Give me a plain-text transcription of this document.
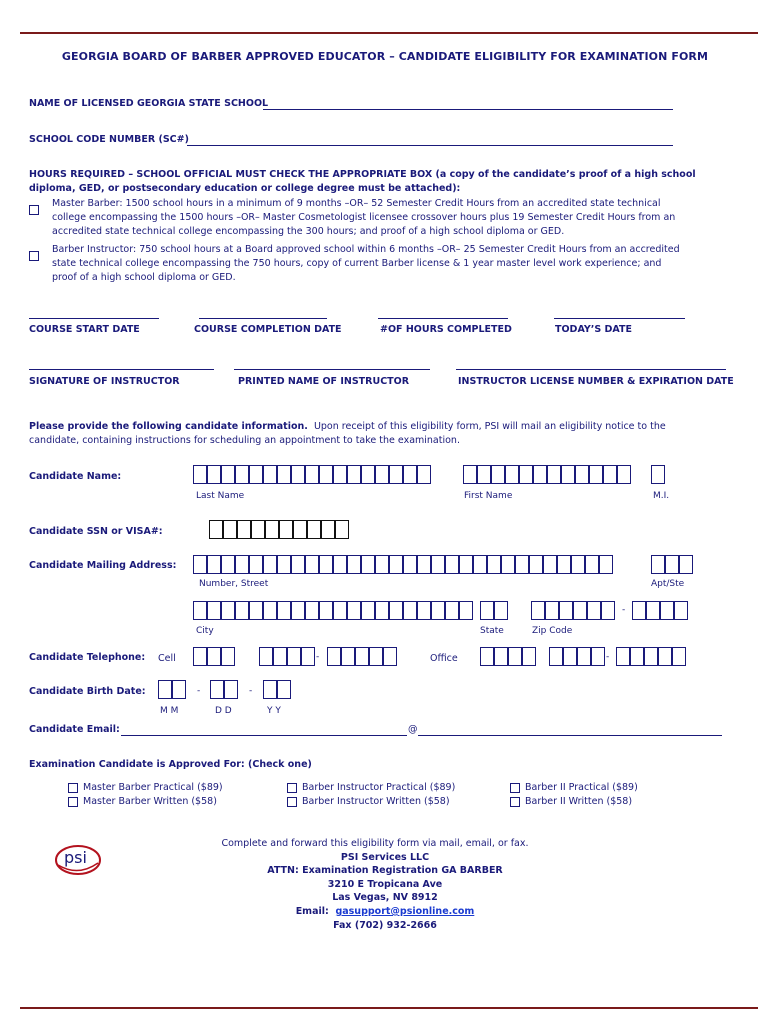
GEORGIA BOARD OF BARBER APPROVED EDUCATOR – CANDIDATE ELIGIBILITY FOR EXAMINATION FORM
NAME OF LICENSED GEORGIA STATE SCHOOL
SCHOOL CODE NUMBER (SC#)
HOURS REQUIRED – SCHOOL OFFICIAL MUST CHECK THE APPROPRIATE BOX (a copy of the candidate’s proof of a high school
diploma, GED, or postsecondary education or college degree must be attached):
Master Barber: 1500 school hours in a minimum of 9 months –OR– 52 Semester Credit Hours from an accredited state technical
college encompassing the 1500 hours –OR– Master Cosmetologist licensee crossover hours plus 19 Semester Credit Hours from an
accredited state technical college encompassing the 300 hours; and proof of a high school diploma or GED.
Barber Instructor: 750 school hours at a Board approved school within 6 months –OR– 25 Semester Credit Hours from an accredited
state technical college encompassing the 750 hours, copy of current Barber license & 1 year master level work experience; and
proof of a high school diploma or GED.
COURSE START DATE	COURSE COMPLETION DATE	#OF HOURS COMPLETED	TODAY’S DATE
SIGNATURE OF INSTRUCTOR	PRINTED NAME OF INSTRUCTOR	INSTRUCTOR LICENSE NUMBER & EXPIRATION DATE
Please provide the following candidate information. Upon receipt of this eligibility form, PSI will mail an eligibility notice to the
candidate, containing instructions for scheduling an appointment to take the examination.
Candidate Name:
Last Name	First Name	M.I.
Candidate SSN or VISA#:
Candidate Mailing Address:
Number, Street	Apt/Ste
-
City	State	Zip Code
Candidate Telephone: Cell	-	Office	-
Candidate Birth Date:	-	-
M M	D D	Y Y
Candidate Email:	@
Examination Candidate is Approved For: (Check one)
Master Barber Practical ($89)
Master Barber Written ($58)
Barber Instructor Practical ($89)
Barber Instructor Written ($58)
Barber II Practical ($89)
Barber II Written ($58)
psi
Complete and forward this eligibility form via mail, email, or fax.
PSI Services LLC
ATTN: Examination Registration GA BARBER
3210 E Tropicana Ave
Las Vegas, NV 8912
Email: gasupport@psionline.com
Fax (702) 932-2666
